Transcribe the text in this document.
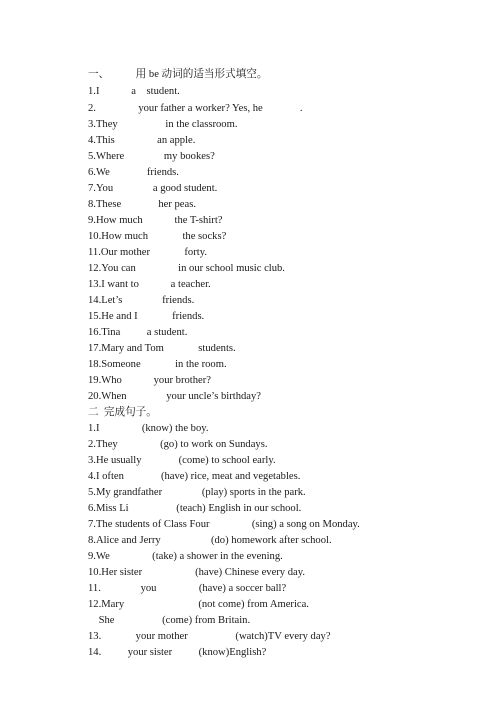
一、          用 be 动词的适当形式填空。
1.I            a    student.
2.                your father a worker? Yes, he              .
3.They                  in the classroom.
4.This                an apple.
5.Where               my bookes?
6.We              friends.
7.You               a good student.
8.These              her peas.
9.How much            the T-shirt?
10.How much             the socks?
11.Our mother             forty.
12.You can                in our school music club.
13.I want to            a teacher.
14.Let’s               friends.
15.He and I             friends.
16.Tina          a student.
17.Mary and Tom             students.
18.Someone             in the room.
19.Who            your brother?
20.When               your uncle’s birthday?
二  完成句子。
1.I                (know) the boy.
2.They                (go) to work on Sundays.
3.He usually              (come) to school early.
4.I often              (have) rice, meat and vegetables.
5.My grandfather               (play) sports in the park.
6.Miss Li                  (teach) English in our school.
7.The students of Class Four                (sing) a song on Monday.
8.Alice and Jerry                   (do) homework after school.
9.We                (take) a shower in the evening.
10.Her sister                    (have) Chinese every day.
11.               you                (have) a soccer ball?
12.Mary                            (not come) from America.
She                  (come) from Britain.
13.             your mother                  (watch)TV every day?
14.          your sister          (know)English?
